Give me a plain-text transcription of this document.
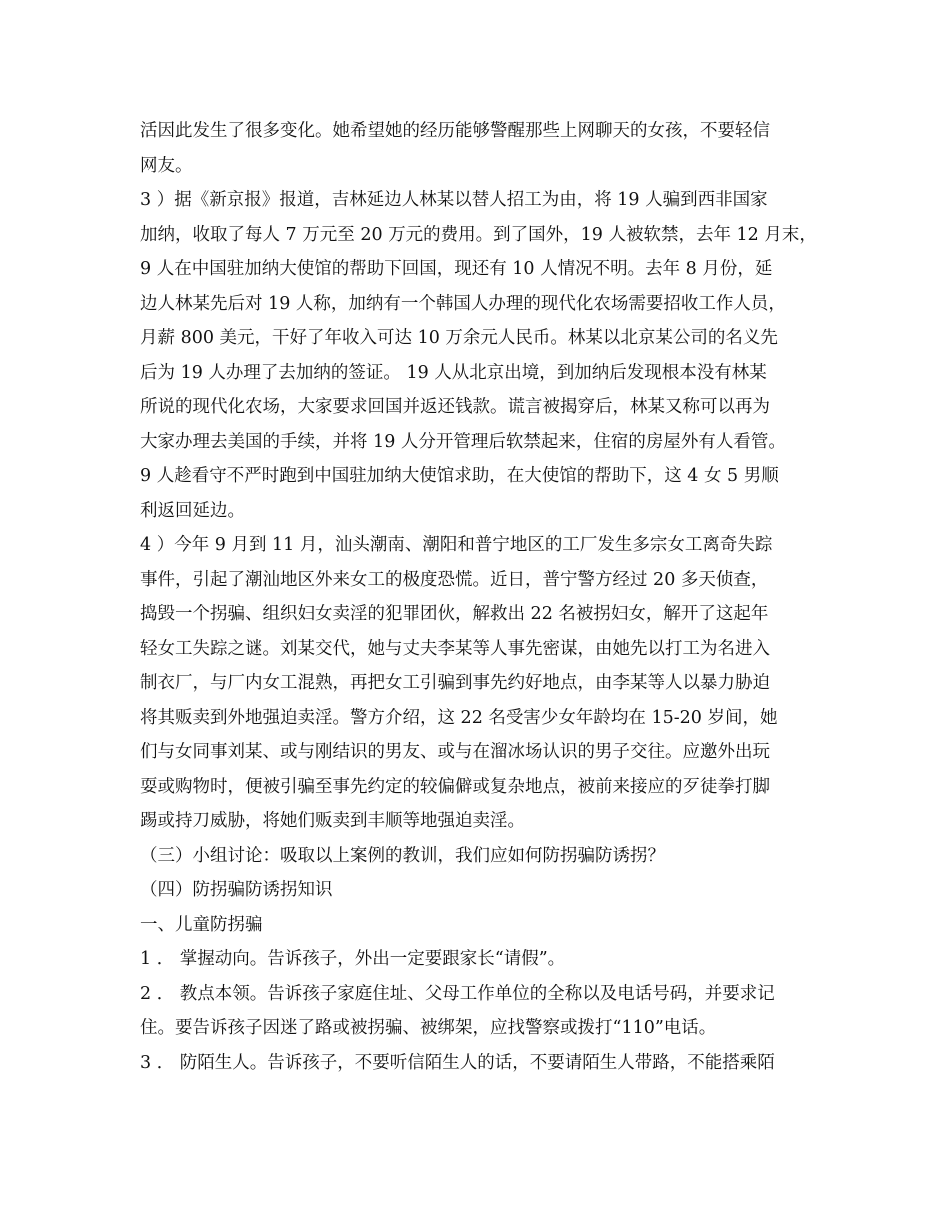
活因此发生了很多变化。她希望她的经历能够警醒那些上网聊天的女孩，不要轻信
网友。
3 ）据《新京报》报道，吉林延边人林某以替人招工为由，将 19 人骗到西非国家
加纳，收取了每人 7 万元至 20 万元的费用。到了国外，19 人被软禁，去年 12 月末，
9 人在中国驻加纳大使馆的帮助下回国，现还有 10 人情况不明。去年 8 月份，延
边人林某先后对 19 人称，加纳有一个韩国人办理的现代化农场需要招收工作人员，
月薪 800 美元，干好了年收入可达 10 万余元人民币。林某以北京某公司的名义先
后为 19 人办理了去加纳的签证。 19 人从北京出境，到加纳后发现根本没有林某
所说的现代化农场，大家要求回国并返还钱款。谎言被揭穿后，林某又称可以再为
大家办理去美国的手续，并将 19 人分开管理后软禁起来，住宿的房屋外有人看管。
9 人趁看守不严时跑到中国驻加纳大使馆求助，在大使馆的帮助下，这 4 女 5 男顺
利返回延边。
4 ）今年 9 月到 11 月，汕头潮南、潮阳和普宁地区的工厂发生多宗女工离奇失踪
事件，引起了潮汕地区外来女工的极度恐慌。近日，普宁警方经过 20 多天侦查，
捣毁一个拐骗、组织妇女卖淫的犯罪团伙，解救出 22 名被拐妇女，解开了这起年
轻女工失踪之谜。刘某交代，她与丈夫李某等人事先密谋，由她先以打工为名进入
制衣厂，与厂内女工混熟，再把女工引骗到事先约好地点，由李某等人以暴力胁迫
将其贩卖到外地强迫卖淫。警方介绍，这 22 名受害少女年龄均在 15-20 岁间，她
们与女同事刘某、或与刚结识的男友、或与在溜冰场认识的男子交往。应邀外出玩
耍或购物时，便被引骗至事先约定的较偏僻或复杂地点，被前来接应的歹徒拳打脚
踢或持刀威胁，将她们贩卖到丰顺等地强迫卖淫。
（三）小组讨论：吸取以上案例的教训，我们应如何防拐骗防诱拐？
（四）防拐骗防诱拐知识
一、儿童防拐骗
1 ． 掌握动向。告诉孩子，外出一定要跟家长“请假”。
2 ． 教点本领。告诉孩子家庭住址、父母工作单位的全称以及电话号码，并要求记
住。要告诉孩子因迷了路或被拐骗、被绑架，应找警察或拨打“110”电话。
3 ． 防陌生人。告诉孩子，不要听信陌生人的话，不要请陌生人带路，不能搭乘陌
